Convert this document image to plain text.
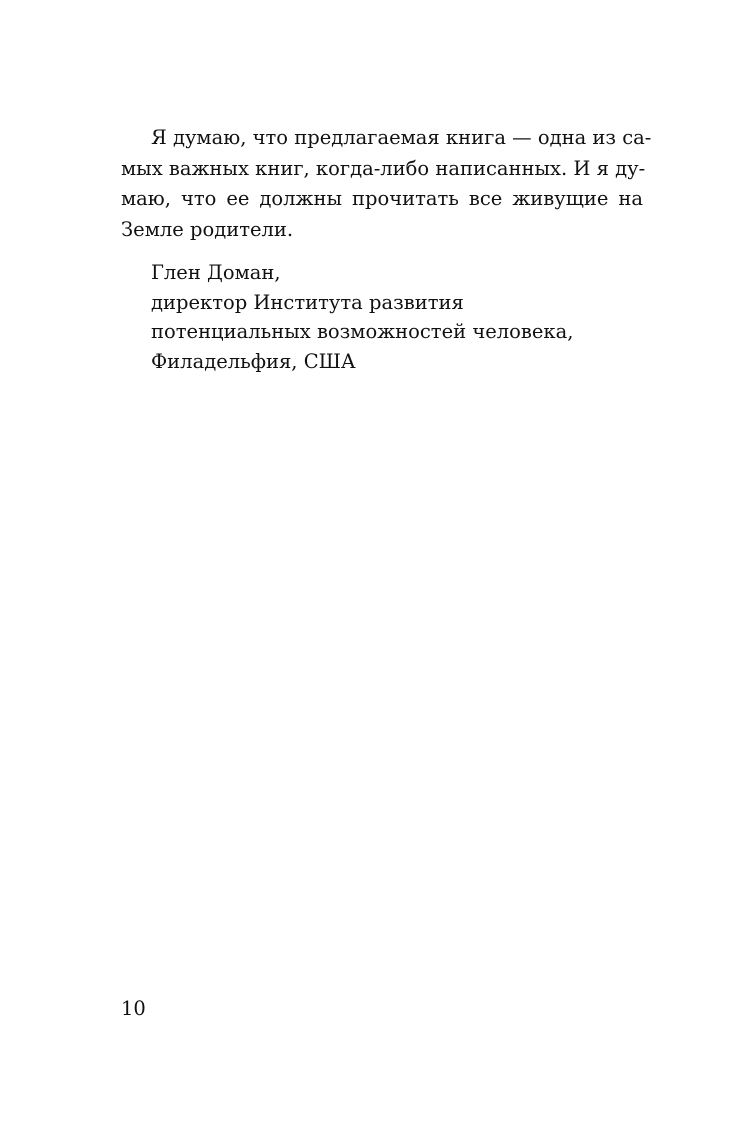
Я думаю, что предлагаемая книга — одна из са-
мых важных книг, когда-либо написанных. И я ду-
маю, что ее должны прочитать все живущие на
Земле родители.

Глен Доман,
директор Института развития
потенциальных возможностей человека,
Филадельфия, США
10
